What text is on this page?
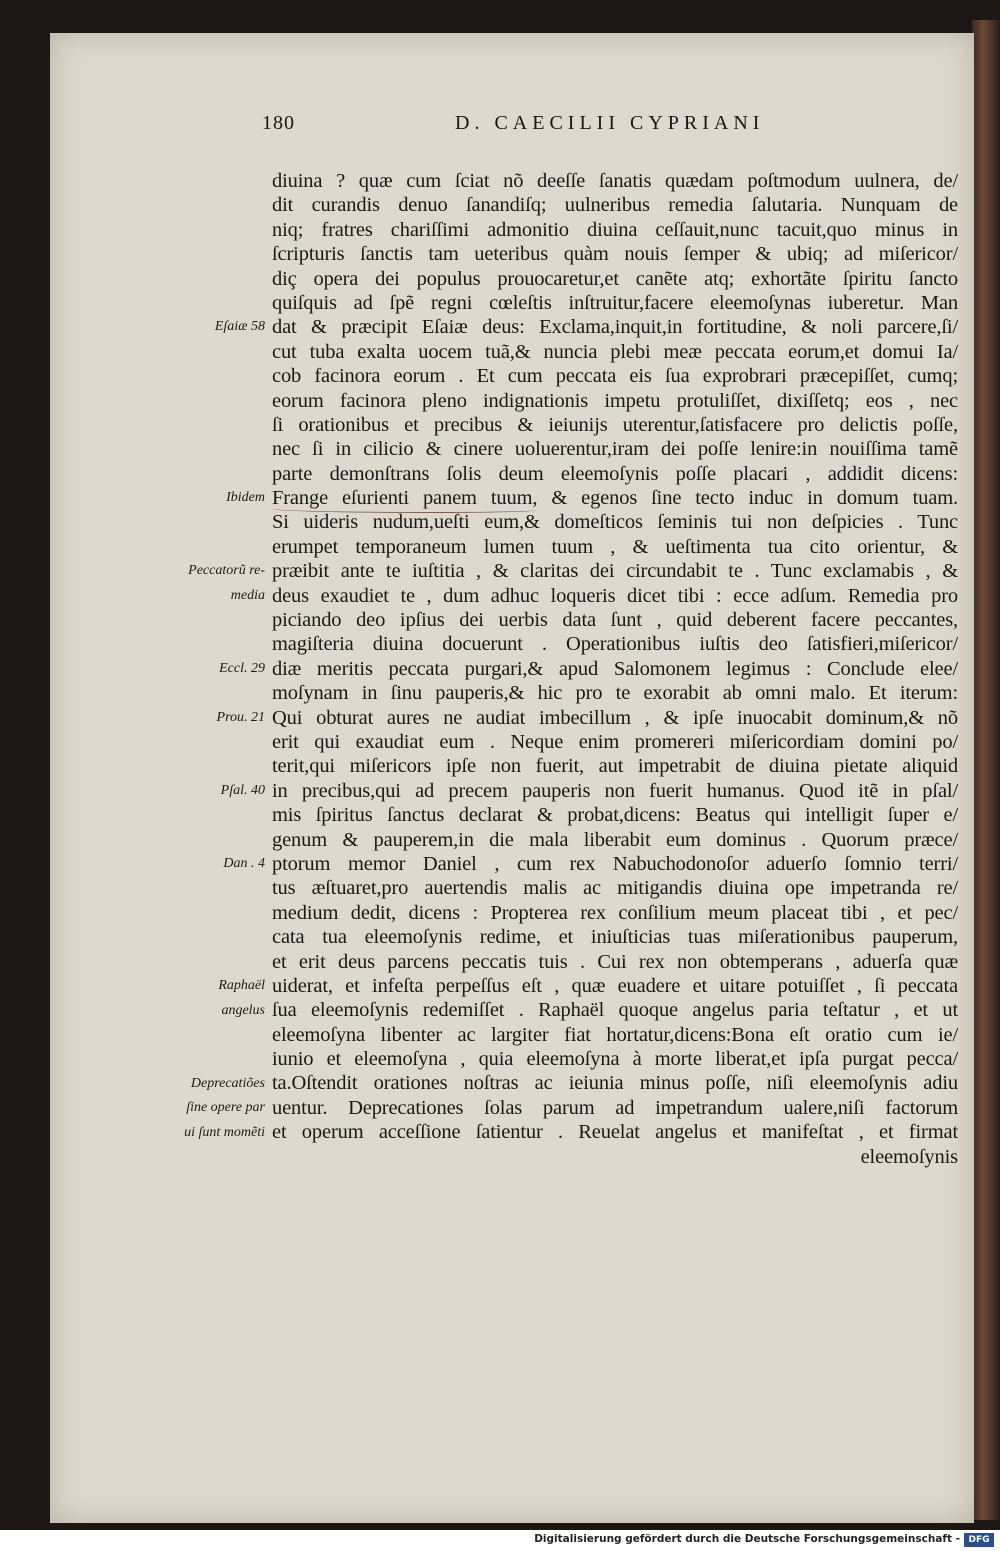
180	D. CAECILII CYPRIANI
Eſaiæ 58
Ibidem
Peccatorũ re-
media
Eccl. 29
Prou. 21
Pſal. 40
Dan . 4
Raphaël
angelus
Deprecatiões
ſine opere par
ui ſunt momẽti
diuina ? quæ cum ſciat nõ deeſſe ſanatis quædam poſtmodum uulnera, de/
dit curandis denuo ſanandiſq; uulneribus remedia ſalutaria. Nunquam de
niq; fratres chariſſimi admonitio diuina ceſſauit,nunc tacuit,quo minus in
ſcripturis ſanctis tam ueteribus quàm nouis ſemper & ubiq; ad miſericor/
diç opera dei populus prouocaretur,et canẽte atq; exhortãte ſpiritu ſancto
quiſquis ad ſpẽ regni cœleſtis inſtruitur,facere eleemoſynas iuberetur. Man
dat & præcipit Eſaiæ deus: Exclama,inquit,in fortitudine, & noli parcere,ſi/
cut tuba exalta uocem tuã,& nuncia plebi meæ peccata eorum,et domui Ia/
cob facinora eorum . Et cum peccata eis ſua exprobrari præcepiſſet, cumq;
eorum facinora pleno indignationis impetu protuliſſet, dixiſſetq; eos , nec
ſi orationibus et precibus & ieiunijs uterentur,ſatisfacere pro delictis poſſe,
nec ſi in cilicio & cinere uoluerentur,iram dei poſſe lenire:in nouiſſima tamẽ
parte demonſtrans ſolis deum eleemoſynis poſſe placari , addidit dicens:
Frange eſurienti panem tuum, & egenos ſine tecto induc in domum tuam.
Si uideris nudum,ueſti eum,& domeſticos ſeminis tui non deſpicies . Tunc
erumpet temporaneum lumen tuum , & ueſtimenta tua cito orientur, &
præibit ante te iuſtitia , & claritas dei circundabit te . Tunc exclamabis , &
deus exaudiet te , dum adhuc loqueris dicet tibi : ecce adſum. Remedia pro
piciando deo ipſius dei uerbis data ſunt , quid deberent facere peccantes,
magiſteria diuina docuerunt . Operationibus iuſtis deo ſatisfieri,miſericor/
diæ meritis peccata purgari,& apud Salomonem legimus : Conclude elee/
moſynam in ſinu pauperis,& hic pro te exorabit ab omni malo. Et iterum:
Qui obturat aures ne audiat imbecillum , & ipſe inuocabit dominum,& nõ
erit qui exaudiat eum . Neque enim promereri miſericordiam domini po/
terit,qui miſericors ipſe non fuerit, aut impetrabit de diuina pietate aliquid
in precibus,qui ad precem pauperis non fuerit humanus. Quod itẽ in pſal/
mis ſpiritus ſanctus declarat & probat,dicens: Beatus qui intelligit ſuper e/
genum & pauperem,in die mala liberabit eum dominus . Quorum præce/
ptorum memor Daniel , cum rex Nabuchodonoſor aduerſo ſomnio terri/
tus æſtuaret,pro auertendis malis ac mitigandis diuina ope impetranda re/
medium dedit, dicens : Propterea rex conſilium meum placeat tibi , et pec/
cata tua eleemoſynis redime, et iniuſticias tuas miſerationibus pauperum,
et erit deus parcens peccatis tuis . Cui rex non obtemperans , aduerſa quæ
uiderat, et infeſta perpeſſus eſt , quæ euadere et uitare potuiſſet , ſi peccata
ſua eleemoſynis redemiſſet . Raphaël quoque angelus paria teſtatur , et ut
eleemoſyna libenter ac largiter fiat hortatur,dicens:Bona eſt oratio cum ie/
iunio et eleemoſyna , quia eleemoſyna à morte liberat,et ipſa purgat pecca/
ta.Oſtendit orationes noſtras ac ieiunia minus poſſe, niſi eleemoſynis adiu
uentur. Deprecationes ſolas parum ad impetrandum ualere,niſi factorum
et operum acceſſione ſatientur . Reuelat angelus et manifeſtat , et firmat
eleemoſynis
Digitalisierung gefördert durch die Deutsche Forschungsgemeinschaft - DFG
